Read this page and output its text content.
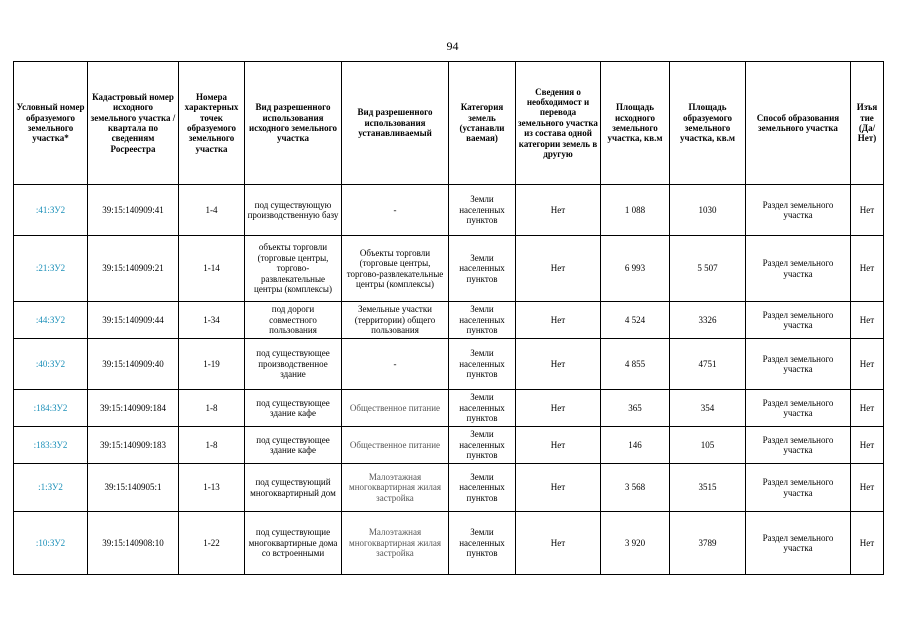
94
Условный номер образуемого земельного участка*	Кадастровый номер исходного земельного участка / квартала по сведениям Росреестра	Номера характерных точек образуемого земельного участка	Вид разрешенного использования исходного земельного участка	Вид разрешенного использования устанавливаемый	Категория земель (устанавли ваемая)	Сведения о необходимост и перевода земельного участка из состава одной категории земель в другую	Площадь исходного земельного участка, кв.м	Площадь образуемого земельного участка, кв.м	Способ образования земельного участка	Изъя тие (Да/ Нет)
:41:ЗУ2	39:15:140909:41	1-4	под существующую производственную базу	-	Земли населенных пунктов	Нет	1 088	1030	Раздел земельного участка	Нет
:21:ЗУ2	39:15:140909:21	1-14	объекты торговли (торговые центры, торгово-развлекательные центры (комплексы)	Объекты торговли (торговые центры, торгово-развлекательные центры (комплексы)	Земли населенных пунктов	Нет	6 993	5 507	Раздел земельного участка	Нет
:44:ЗУ2	39:15:140909:44	1-34	под дороги совместного пользования	Земельные участки (территории) общего пользования	Земли населенных пунктов	Нет	4 524	3326	Раздел земельного участка	Нет
:40:ЗУ2	39:15:140909:40	1-19	под существующее производственное здание	-	Земли населенных пунктов	Нет	4 855	4751	Раздел земельного участка	Нет
:184:ЗУ2	39:15:140909:184	1-8	под существующее здание кафе	Общественное питание	Земли населенных пунктов	Нет	365	354	Раздел земельного участка	Нет
:183:ЗУ2	39:15:140909:183	1-8	под существующее здание кафе	Общественное питание	Земли населенных пунктов	Нет	146	105	Раздел земельного участка	Нет
:1:ЗУ2	39:15:140905:1	1-13	под существующий многоквартирный дом	Малоэтажная многоквартирная жилая застройка	Земли населенных пунктов	Нет	3 568	3515	Раздел земельного участка	Нет
:10:ЗУ2	39:15:140908:10	1-22	под существующие многоквартирные дома со встроенными	Малоэтажная многоквартирная жилая застройка	Земли населенных пунктов	Нет	3 920	3789	Раздел земельного участка	Нет
